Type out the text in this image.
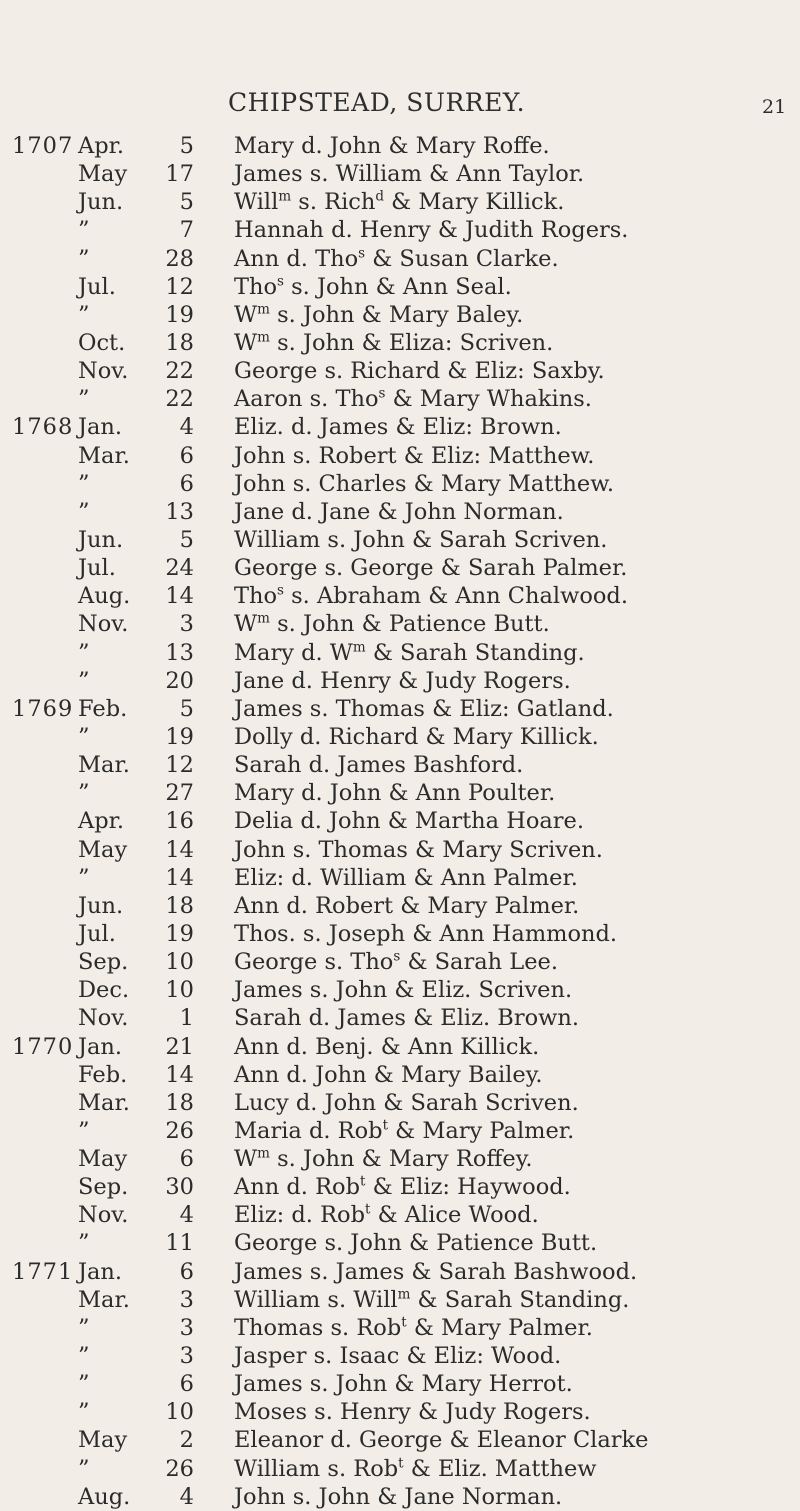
CHIPSTEAD, SURREY.	21
1707 Apr.	5 Mary d. John & Mary Roffe.
May	17 James s. William & Ann Taylor.
Jun.	5 Will$^m$ s. Rich$^d$ & Mary Killick.
”	7 Hannah d. Henry & Judith Rogers.
”	28 Ann d. Tho$^s$ & Susan Clarke.
Jul.	12 Tho$^s$ s. John & Ann Seal.
”	19 $W^m$ s. John & Mary Baley.
Oct.	18 $W^m$ s. John & Eliza: Scriven.
Nov.	22 George s. Richard & Eliz: Saxby.
”	22 Aaron s. Tho$^s$ & Mary Whakins.
1768 Jan.	4 Eliz. d. James & Eliz: Brown.
Mar.	6 John s. Robert & Eliz: Matthew.
”	6 John s. Charles & Mary Matthew.
”	13 Jane d. Jane & John Norman.
Jun.	5 William s. John & Sarah Scriven.
Jul.	24 George s. George & Sarah Palmer.
Aug.	14 Tho$^s$ s. Abraham & Ann Chalwood.
Nov.	3 $W^m$ s. John & Patience Butt.
”	13 Mary d. $W^m$ & Sarah Standing.
”	20 Jane d. Henry & Judy Rogers.
1769 Feb.	5 James s. Thomas & Eliz: Gatland.
”	19 Dolly d. Richard & Mary Killick.
Mar.	12 Sarah d. James Bashford.
”	27 Mary d. John & Ann Poulter.
Apr.	16 Delia d. John & Martha Hoare.
May	14 John s. Thomas & Mary Scriven.
”	14 Eliz: d. William & Ann Palmer.
Jun.	18 Ann d. Robert & Mary Palmer.
Jul.	19 Thos. s. Joseph & Ann Hammond.
Sep.	10 George s. Tho$^s$ & Sarah Lee.
Dec.	10 James s. John & Eliz. Scriven.
Nov.	1 Sarah d. James & Eliz. Brown.
1770 Jan.	21 Ann d. Benj. & Ann Killick.
Feb.	14 Ann d. John & Mary Bailey.
Mar.	18 Lucy d. John & Sarah Scriven.
”	26 Maria d. Rob$^t$ & Mary Palmer.
May	6 $W^m$ s. John & Mary Roffey.
Sep.	30 Ann d. Rob$^t$ & Eliz: Haywood.
Nov.	4 Eliz: d. Rob$^t$ & Alice Wood.
”	11 George s. John & Patience Butt.
1771 Jan.	6 James s. James & Sarah Bashwood.
Mar.	3 William s. Will$^m$ & Sarah Standing.
”	3 Thomas s. Rob$^t$ & Mary Palmer.
”	3 Jasper s. Isaac & Eliz: Wood.
”	6 James s. John & Mary Herrot.
”	10 Moses s. Henry & Judy Rogers.
May	2 Eleanor d. George & Eleanor Clarke
”	26 William s. Rob$^t$ & Eliz. Matthew
Aug.	4 John s. John & Jane Norman.
